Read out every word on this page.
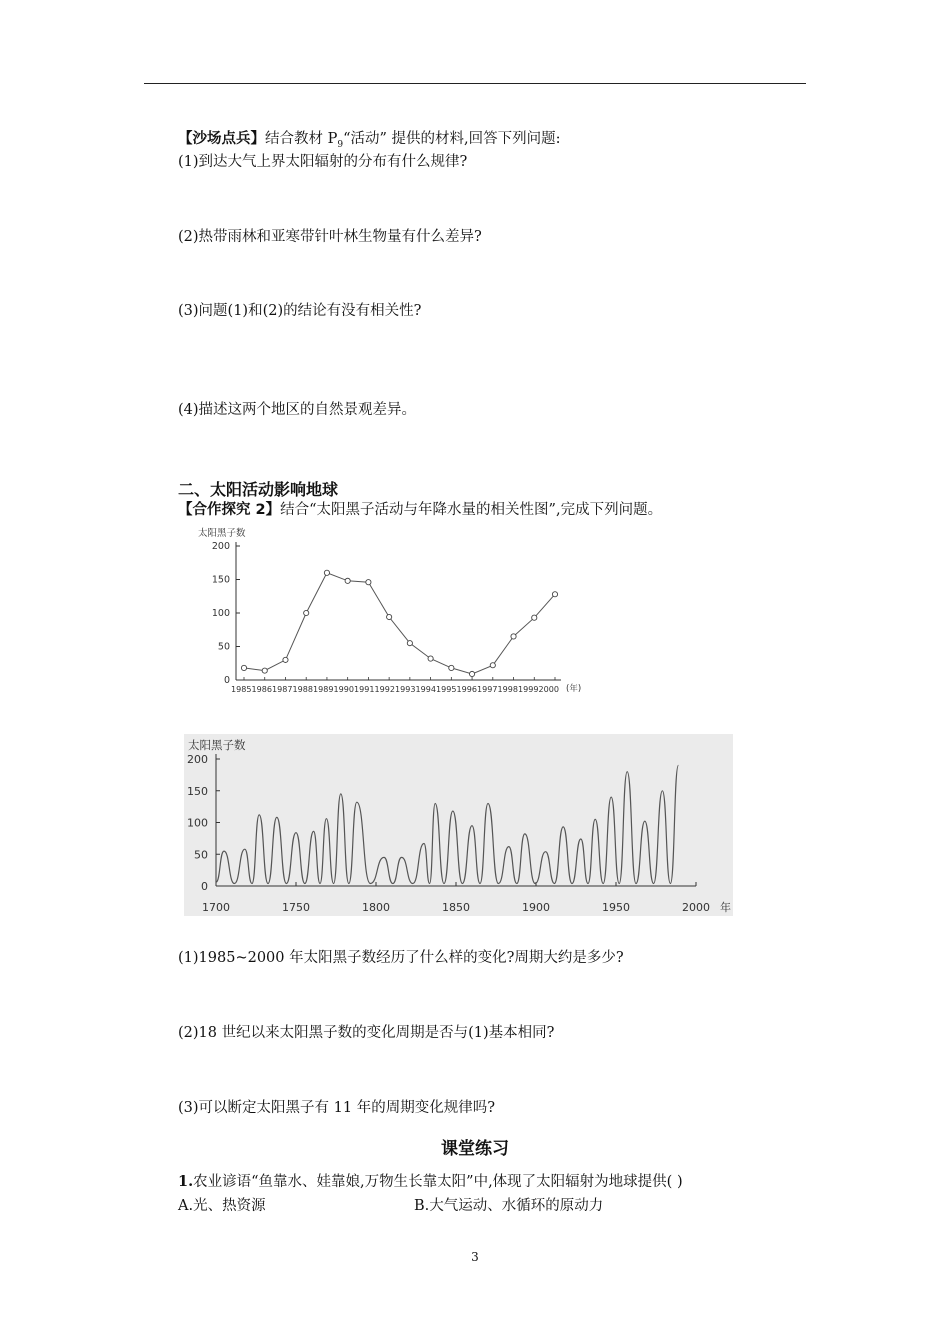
【沙场点兵】结合教材 $P_9“$活动” 提供的材料,回答下列问题:
(1)到达大气上界太阳辐射的分布有什么规律?
(2)热带雨林和亚寒带针叶林生物量有什么差异?
(3)问题(1)和(2)的结论有没有相关性?
(4)描述这两个地区的自然景观差异。
二、太阳活动影响地球
【合作探究 2】结合“太阳黑子活动与年降水量的相关性图”,完成下列问题。
0
50
100
150
200
太阳黑子数
1985198619871988198919901991199219931994199519961997199819992000 (年)
0
50
100
150
200
1700	1750	1800	1850	1900	1950	2000
太阳黑子数
年
(1)1985~2000 年太阳黑子数经历了什么样的变化?周期大约是多少?
(2)18 世纪以来太阳黑子数的变化周期是否与(1)基本相同?
(3)可以断定太阳黑子有 11 年的周期变化规律吗?
课堂练习
1.农业谚语“鱼靠水、娃靠娘,万物生长靠太阳”中,体现了太阳辐射为地球提供( )
A.光、热资源	B.大气运动、水循环的原动力
3
